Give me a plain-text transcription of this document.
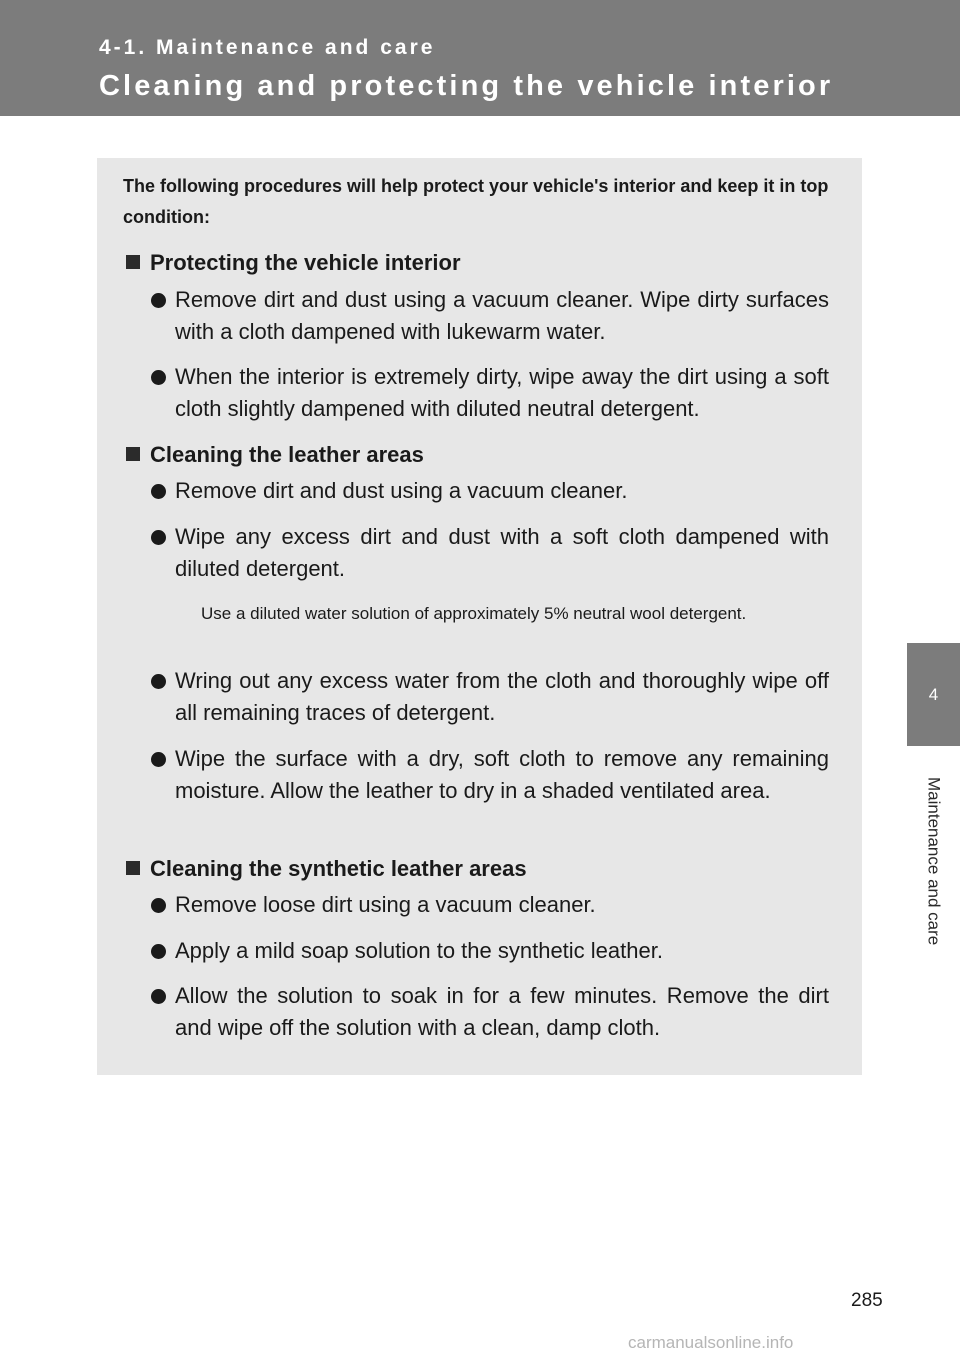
4-1. Maintenance and care
Cleaning and protecting the vehicle interior
4
Maintenance and care
The following procedures will help protect your vehicle's interior and keep it in top condition:
Protecting the vehicle interior
Remove dirt and dust using a vacuum cleaner. Wipe dirty surfaces with a cloth dampened with lukewarm water.
When the interior is extremely dirty, wipe away the dirt using a soft cloth slightly dampened with diluted neutral detergent.
Cleaning the leather areas
Remove dirt and dust using a vacuum cleaner.
Wipe any excess dirt and dust with a soft cloth dampened with diluted detergent.
Use a diluted water solution of approximately 5% neutral wool detergent.
Wring out any excess water from the cloth and thoroughly wipe off all remaining traces of detergent.
Wipe the surface with a dry, soft cloth to remove any remaining moisture. Allow the leather to dry in a shaded ventilated area.
Cleaning the synthetic leather areas
Remove loose dirt using a vacuum cleaner.
Apply a mild soap solution to the synthetic leather.
Allow the solution to soak in for a few minutes. Remove the dirt and wipe off the solution with a clean, damp cloth.
285
carmanualsonline.info
